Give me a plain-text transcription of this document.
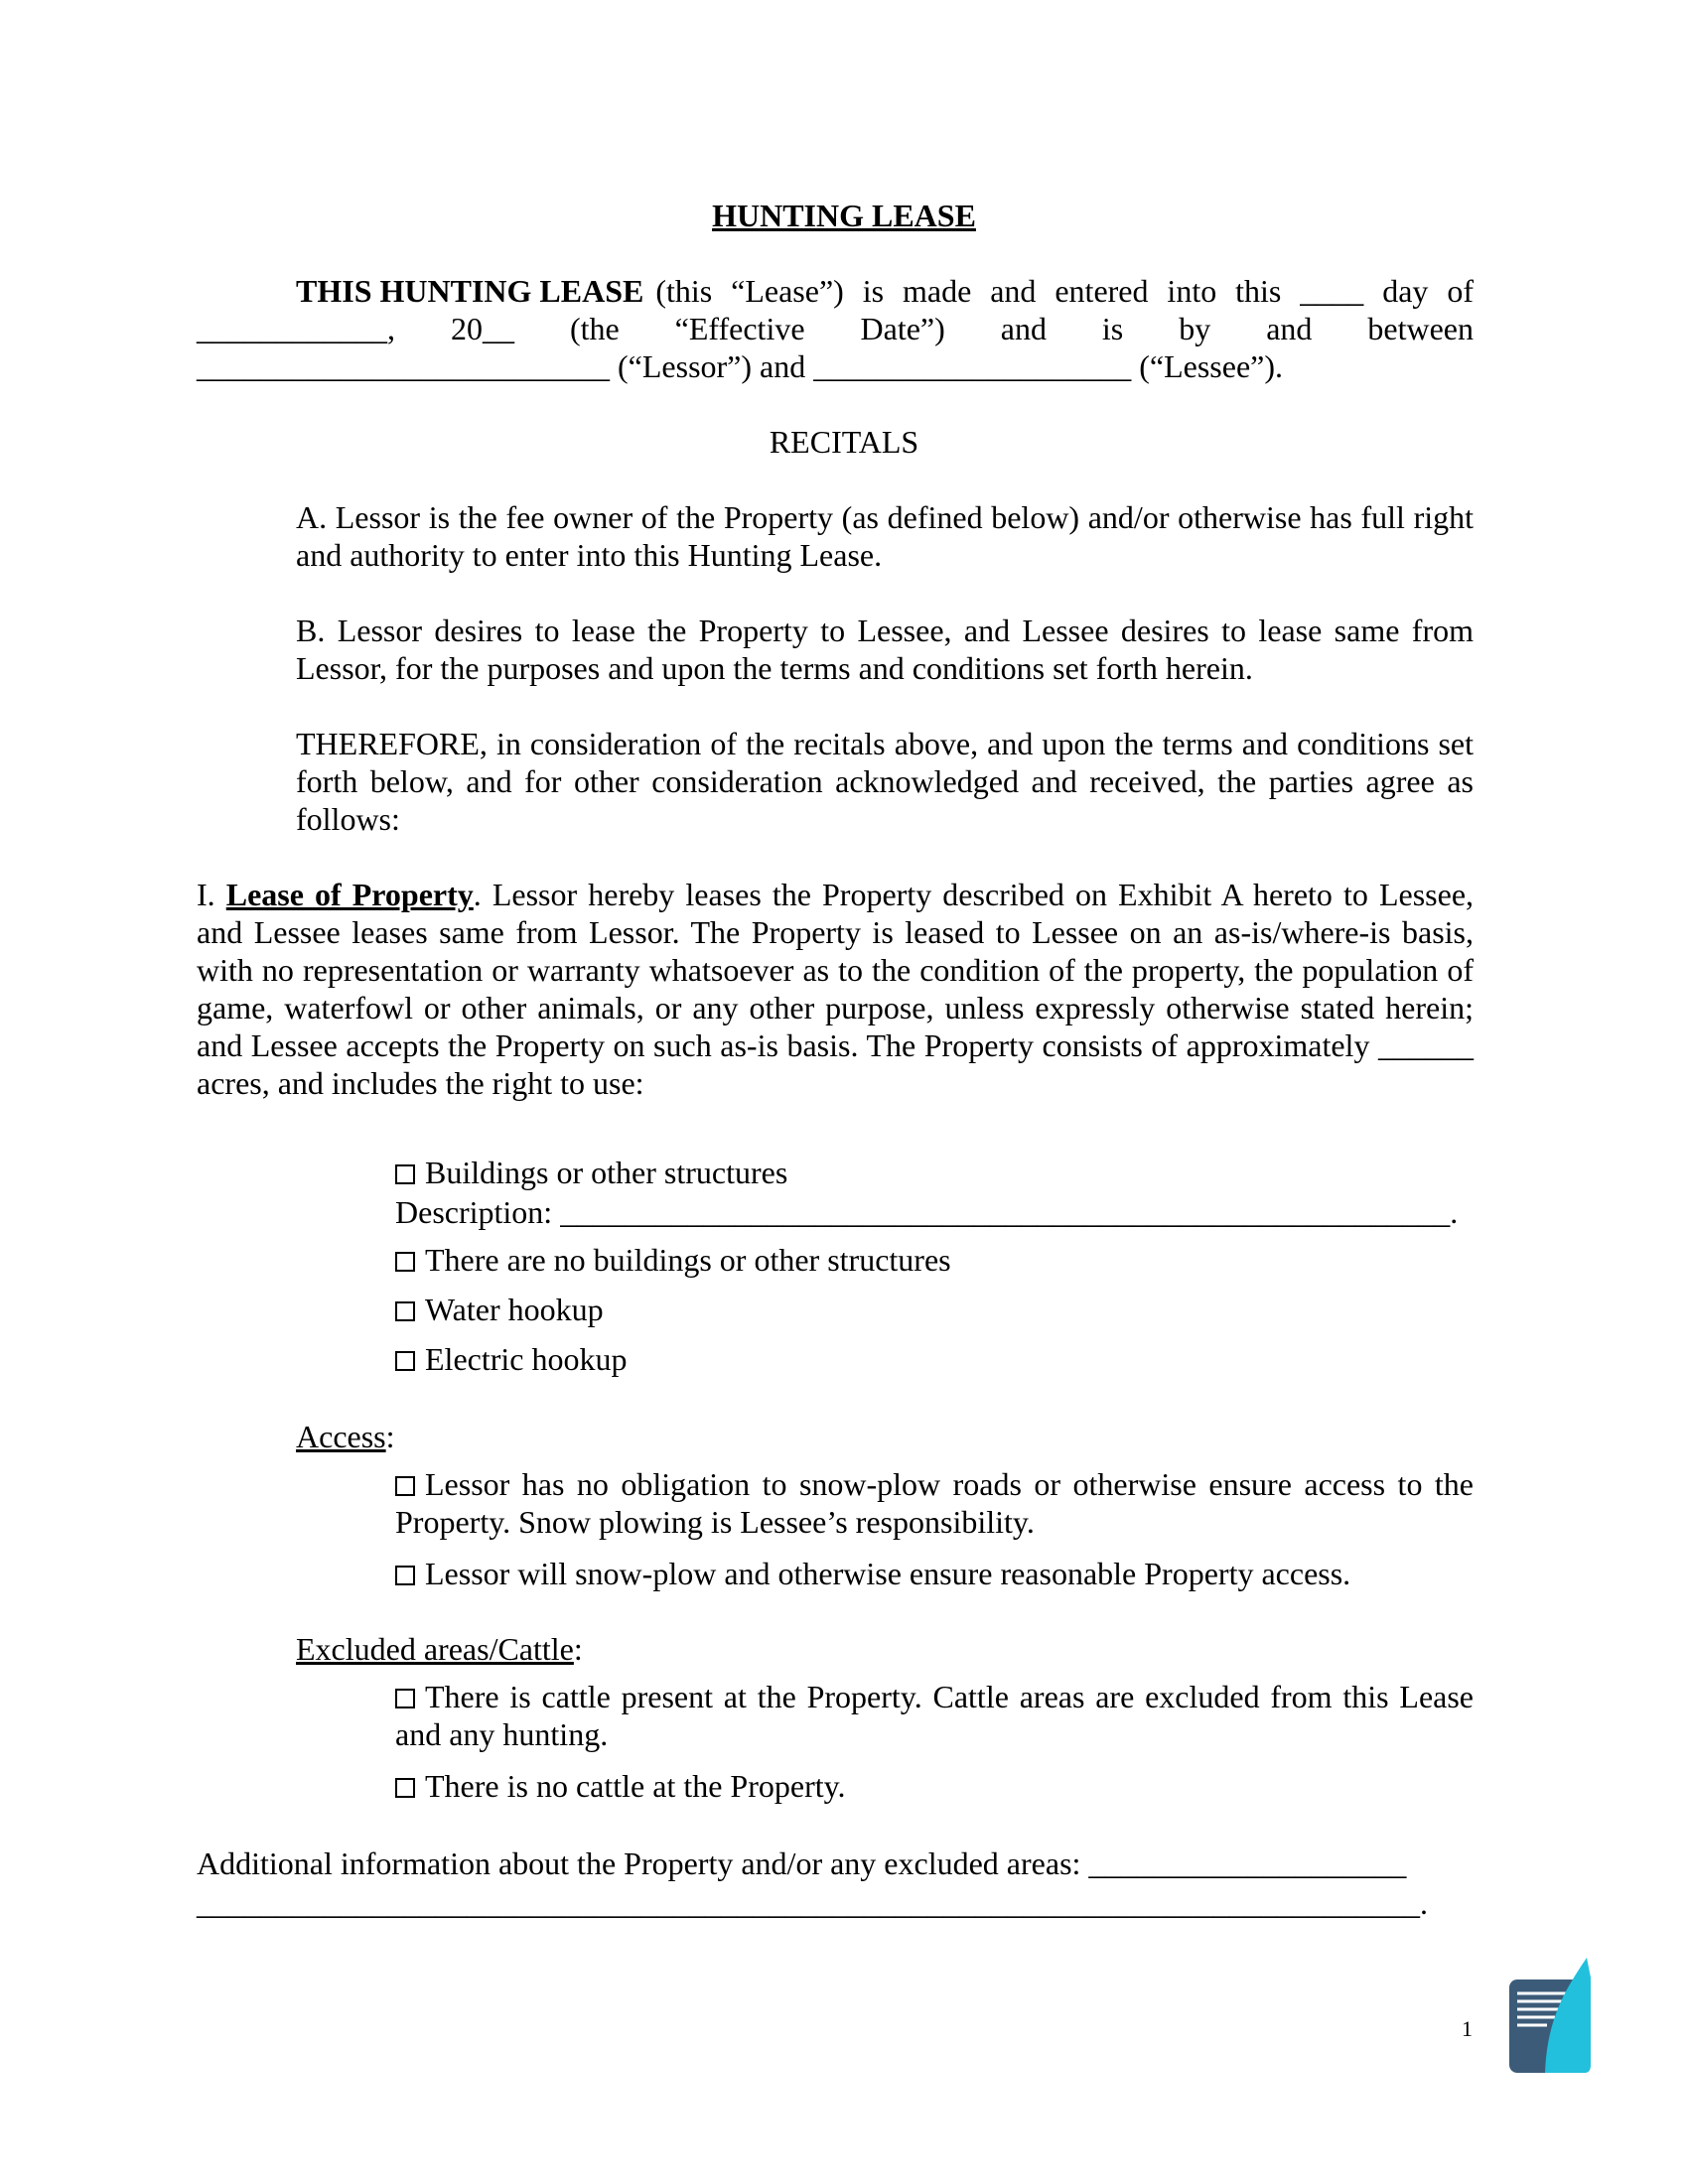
HUNTING LEASE
THIS HUNTING LEASE (this “Lease”) is made and entered into this ____ day of
____________, 20__ (the “Effective Date”) and is by and between
__________________________ (“Lessor”) and ____________________ (“Lessee”).
RECITALS

A. Lessor is the fee owner of the Property (as defined below) and/or otherwise has full right and authority to enter into this Hunting Lease.

B. Lessor desires to lease the Property to Lessee, and Lessee desires to lease same from Lessor, for the purposes and upon the terms and conditions set forth herein.

THEREFORE, in consideration of the recitals above, and upon the terms and conditions set forth below, and for other consideration acknowledged and received, the parties agree as follows:

I. Lease of Property. Lessor hereby leases the Property described on Exhibit A hereto to Lessee, and Lessee leases same from Lessor. The Property is leased to Lessee on an as-is/where-is basis, with no representation or warranty whatsoever as to the condition of the property, the population of game, waterfowl or other animals, or any other purpose, unless expressly otherwise stated herein; and Lessee accepts the Property on such as-is basis. The Property consists of approximately ______ acres, and includes the right to use:

Buildings or other structures
Description: ________________________________________________________.
There are no buildings or other structures
Water hookup
Electric hookup
Access:
Lessor has no obligation to snow-plow roads or otherwise ensure access to the Property. Snow plowing is Lessee’s responsibility.
Lessor will snow-plow and otherwise ensure reasonable Property access.
Excluded areas/Cattle:
There is cattle present at the Property. Cattle areas are excluded from this Lease and any hunting.
There is no cattle at the Property.
Additional information about the Property and/or any excluded areas: ____________________
_____________________________________________________________________________.
1
